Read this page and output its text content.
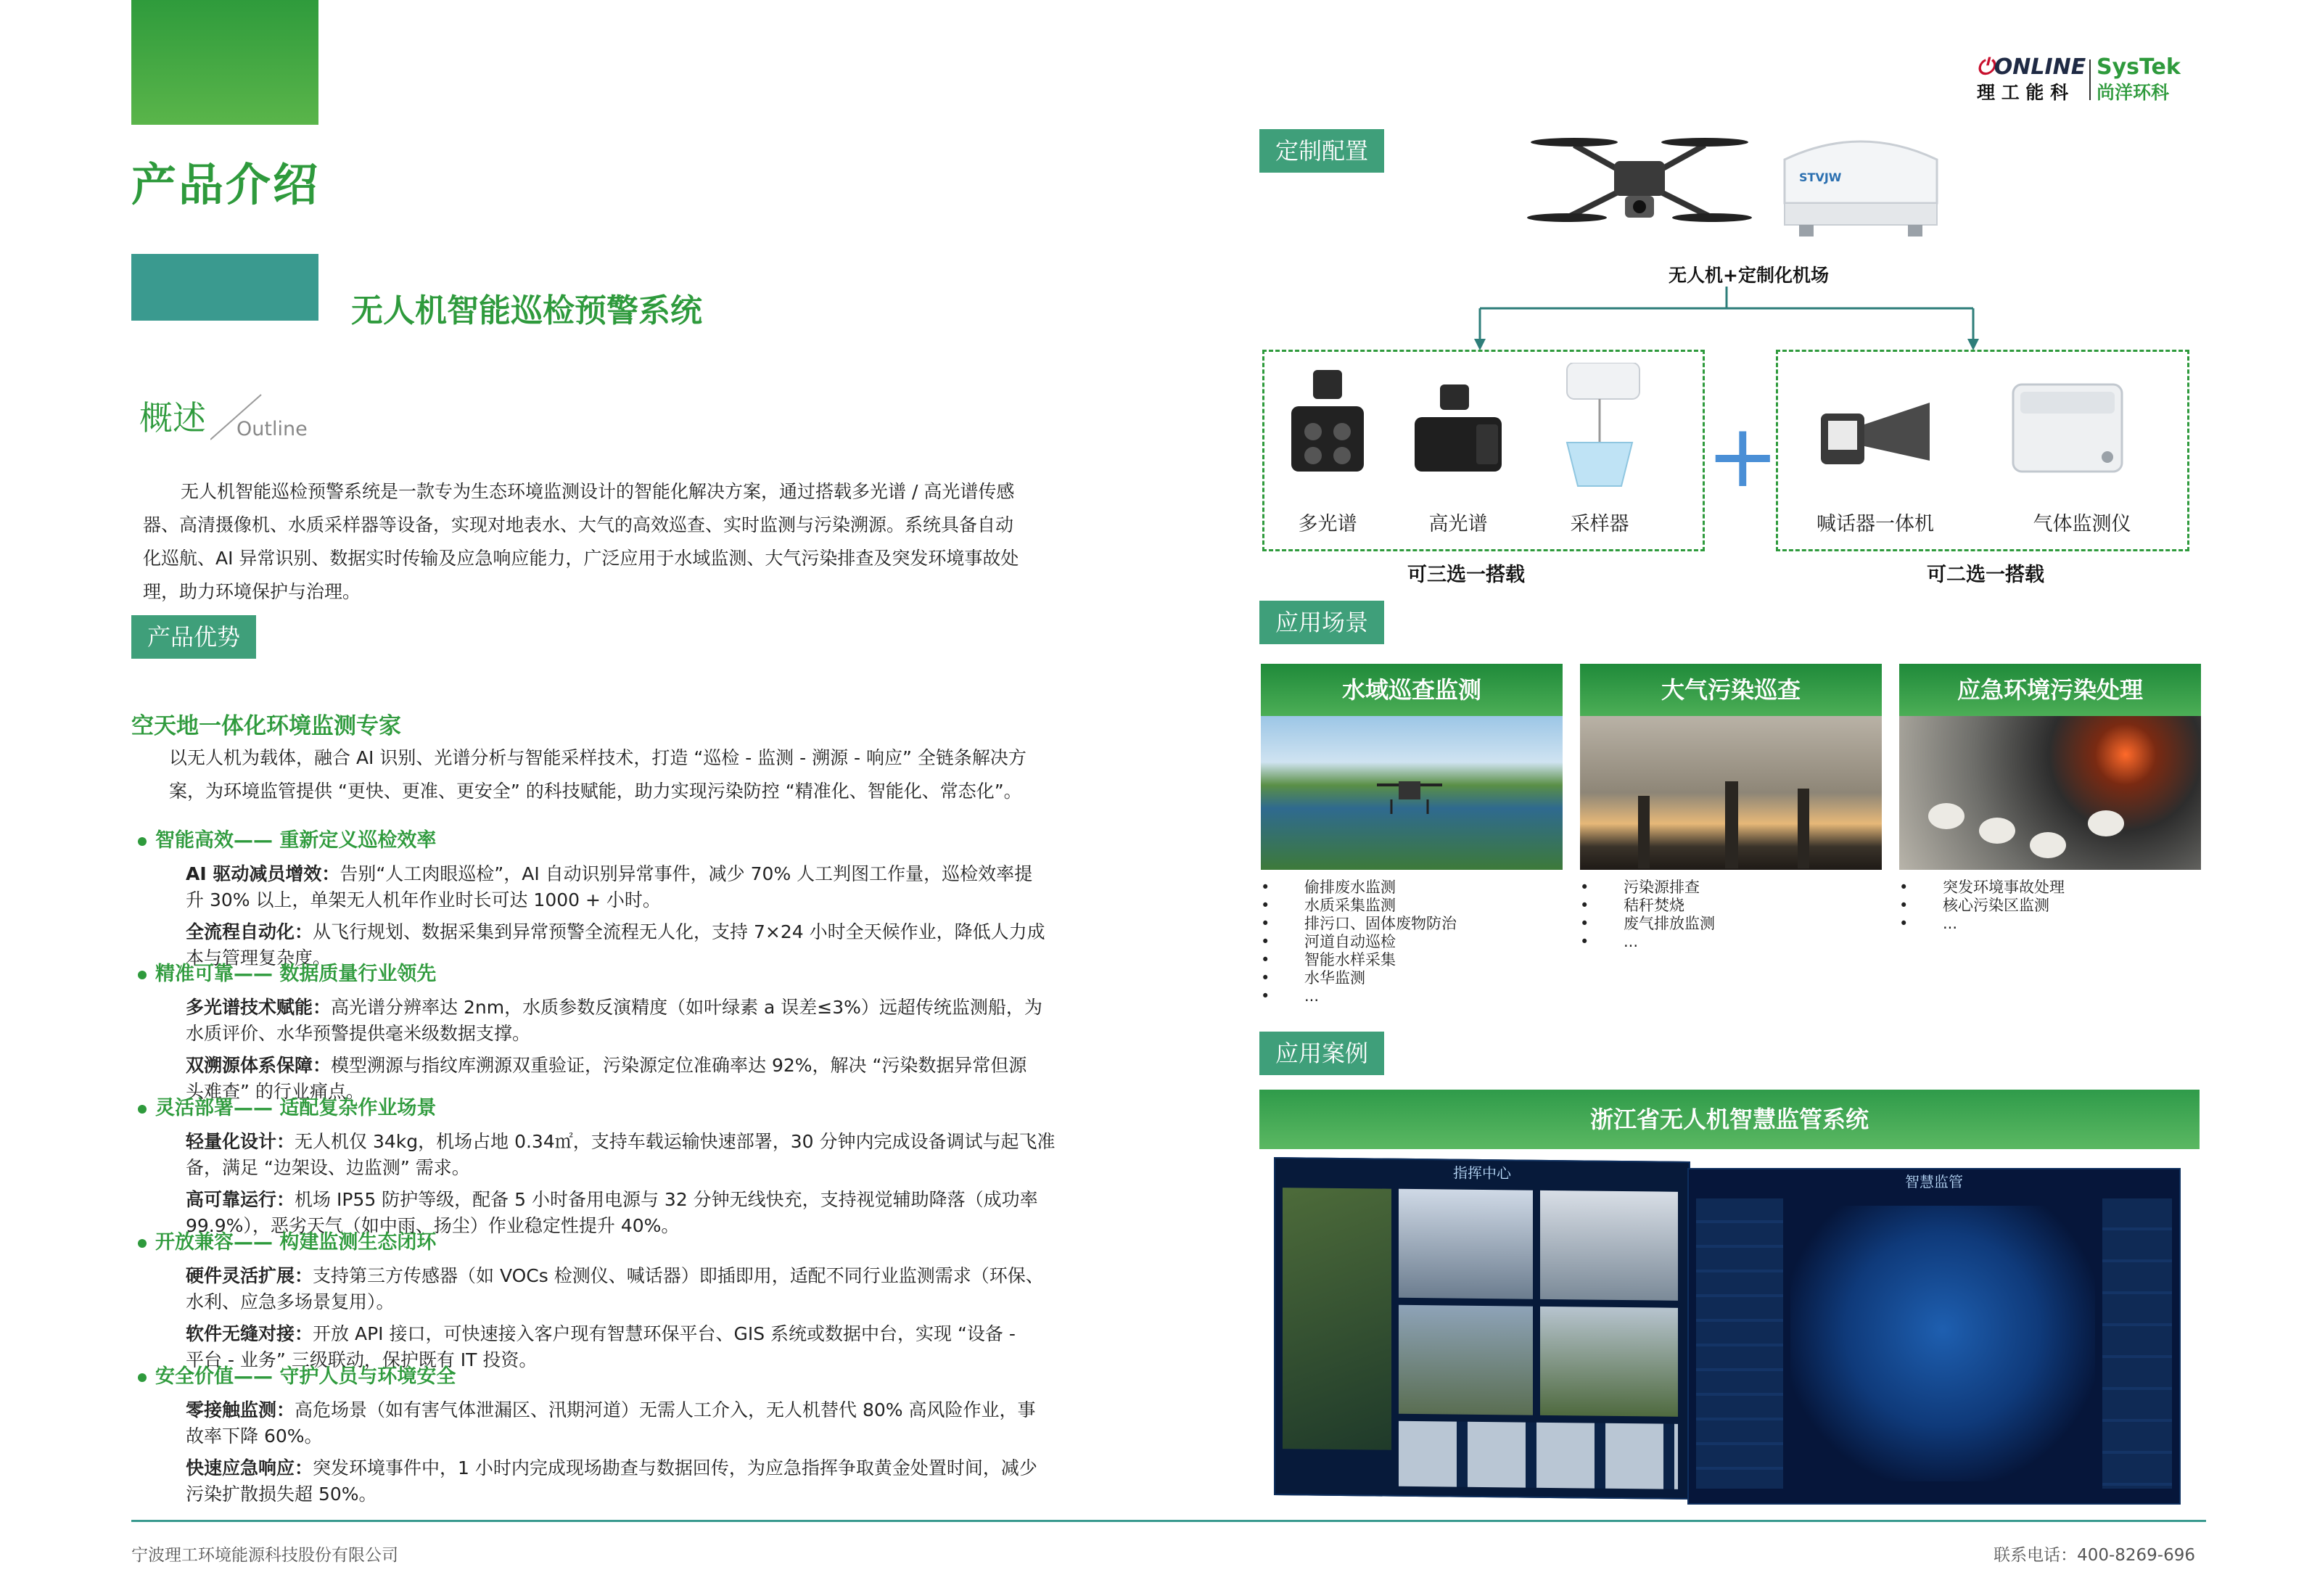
产品介绍
无人机智能巡检预警系统
概述 Outline
无人机智能巡检预警系统是一款专为生态环境监测设计的智能化解决方案，通过搭载多光谱 / 高光谱传感
器、高清摄像机、水质采样器等设备，实现对地表水、大气的高效巡查、实时监测与污染溯源。系统具备自动
化巡航、AI 异常识别、数据实时传输及应急响应能力，广泛应用于水域监测、大气污染排查及突发环境事故处
理，助力环境保护与治理。
产品优势
空天地一体化环境监测专家
以无人机为载体，融合 AI 识别、光谱分析与智能采样技术，打造 “巡检 - 监测 - 溯源 - 响应” 全链条解决方
案，为环境监管提供 “更快、更准、更安全” 的科技赋能，助力实现污染防控 “精准化、智能化、常态化”。
智能高效—— 重新定义巡检效率
AI 驱动减员增效：告别“人工肉眼巡检”，AI 自动识别异常事件，减少 70% 人工判图工作量，巡检效率提
升 30% 以上，单架无人机年作业时长可达 1000 + 小时。
全流程自动化：从飞行规划、数据采集到异常预警全流程无人化，支持 7×24 小时全天候作业，降低人力成
本与管理复杂度。
精准可靠—— 数据质量行业领先
多光谱技术赋能：高光谱分辨率达 2nm，水质参数反演精度（如叶绿素 a 误差≤3%）远超传统监测船，为
水质评价、水华预警提供毫米级数据支撑。
双溯源体系保障：模型溯源与指纹库溯源双重验证，污染源定位准确率达 92%，解决 “污染数据异常但源
头难查” 的行业痛点。
灵活部署—— 适配复杂作业场景
轻量化设计：无人机仅 34kg，机场占地 0.34㎡，支持车载运输快速部署，30 分钟内完成设备调试与起飞准
备，满足 “边架设、边监测” 需求。
高可靠运行：机场 IP55 防护等级，配备 5 小时备用电源与 32 分钟无线快充，支持视觉辅助降落（成功率
99.9%），恶劣天气（如中雨、扬尘）作业稳定性提升 40%。
开放兼容—— 构建监测生态闭环
硬件灵活扩展：支持第三方传感器（如 VOCs 检测仪、喊话器）即插即用，适配不同行业监测需求（环保、
水利、应急多场景复用）。
软件无缝对接：开放 API 接口，可快速接入客户现有智慧环保平台、GIS 系统或数据中台，实现 “设备 -
平台 - 业务” 三级联动，保护既有 IT 投资。
安全价值—— 守护人员与环境安全
零接触监测：高危场景（如有害气体泄漏区、汛期河道）无需人工介入，无人机替代 80% 高风险作业，事
故率下降 60%。
快速应急响应：突发环境事件中，1 小时内完成现场勘查与数据回传，为应急指挥争取黄金处置时间，减少
污染扩散损失超 50%。
宁波理工环境能源科技股份有限公司	联系电话：400-8269-696
⏻ONLINE
理 工 能 科
SysTek
尚洋环科
定制配置
STVJW
无人机+定制化机场
多光谱	高光谱	采样器
可三选一搭载
+
喊话器一体机	气体监测仪
可二选一搭载
应用场景
水域巡查监测
• 偷排废水监测
• 水质采集监测
• 排污口、固体废物防治
• 河道自动巡检
• 智能水样采集
• 水华监测
• ...
大气污染巡查
• 污染源排查
• 秸秆焚烧
• 废气排放监测
• ...
应急环境污染处理
• 突发环境事故处理
• 核心污染区监测
• ...
应用案例
浙江省无人机智慧监管系统
指挥中心	智慧监管
